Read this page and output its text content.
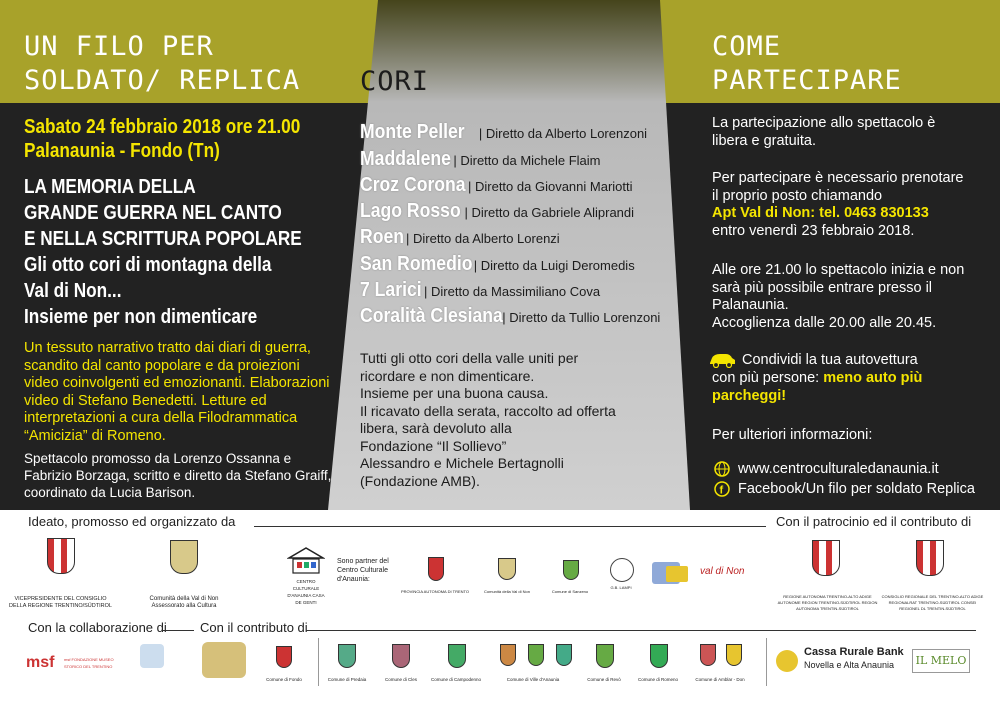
UN FILO PER
SOLDATO/ REPLICA	CORI
COME
PARTECIPARE
Sabato 24 febbraio 2018 ore 21.00
Palanaunia - Fondo (Tn)
LA MEMORIA DELLA
GRANDE GUERRA NEL CANTO
E NELLA SCRITTURA POPOLARE
Gli otto cori di montagna della
Val di Non...
Insieme per non dimenticare
Un tessuto narrativo tratto dai diari di guerra, scandito dal canto popolare e da proiezioni video coinvolgenti ed emozionanti. Elaborazioni video di Stefano Benedetti. Letture ed interpretazioni a cura della Filodrammatica “Amicizia” di Romeno.
Spettacolo promosso da Lorenzo Ossanna e Fabrizio Borzaga, scritto e diretto da Stefano Graiff, coordinato da Lucia Barison.
Monte Peller | Diretto da Alberto Lorenzoni
Maddalene | Diretto da Michele Flaim
Croz Corona | Diretto da Giovanni Mariotti
Lago Rosso | Diretto da Gabriele Aliprandi
Roen | Diretto da Alberto Lorenzi
San Romedio| Diretto da Luigi Deromedis
7 Larici | Diretto da Massimiliano Cova
Coralità Clesiana| Diretto da Tullio Lorenzoni
Tutti gli otto cori della valle uniti per
ricordare e non dimenticare.
Insieme per una buona causa.
Il ricavato della serata, raccolto ad offerta
libera, sarà devoluto alla
Fondazione “Il Sollievo”
Alessandro e Michele Bertagnolli
(Fondazione AMB).
La partecipazione allo spettacolo è libera e gratuita.
Per partecipare è necessario prenotare il proprio posto chiamando
Apt Val di Non: tel. 0463 830133
entro venerdì 23 febbraio 2018.
Alle ore 21.00 lo spettacolo inizia e non sarà più possibile entrare presso il Palanaunia.
Accoglienza dalle 20.00 alle 20.45.
Condividi la tua autovettura
con più persone: meno auto più parcheggi!
Per ulteriori informazioni:
www.centroculturaledanaunia.it
f Facebook/Un filo per soldato Replica
Ideato, promosso ed organizzato da	Con il patrocinio ed il contributo di
VICEPRESIDENTE DEL CONSIGLIO DELLA REGIONE TRENTINO/SÜDTIROL
Comunità della Val di Non Assessorato alla Cultura
CENTRO CULTURALE D'ANAUNIA CASA DE GENTI
Sono partner del Centro Culturale d'Anaunia:
PROVINCIA AUTONOMA DI TRENTO	Comunità della Val di Non	Comune di Sanzeno
G.B. LAMPI
val di Non
REGIONE AUTONOMA TRENTINO-ALTO ADIGE AUTONOME REGION TRENTINO-SÜDTIROL REGION AUTONOMA TRENTIN-SÜDTIROL
CONSIGLIO REGIONALE DEL TRENTINO-ALTO ADIGE REGIONALRAT TRENTINO-SÜDTIROL CONSEI REGIONEL DL TRENTIN-SÜDTIROL
Con la collaborazione di	Con il contributo di
msf msf FONDAZIONE MUSEO STORICO DEL TRENTINO
Comune di Fondo	Comune di Predaia	Comune di Cles	Comune di Campodenno	Comune di Ville d'Anaunia	Comune di Revò	Comune di Romeno	Comune di Amblar - Don
Cassa Rurale Bank
Novella e Alta Anaunia	IL MELO
